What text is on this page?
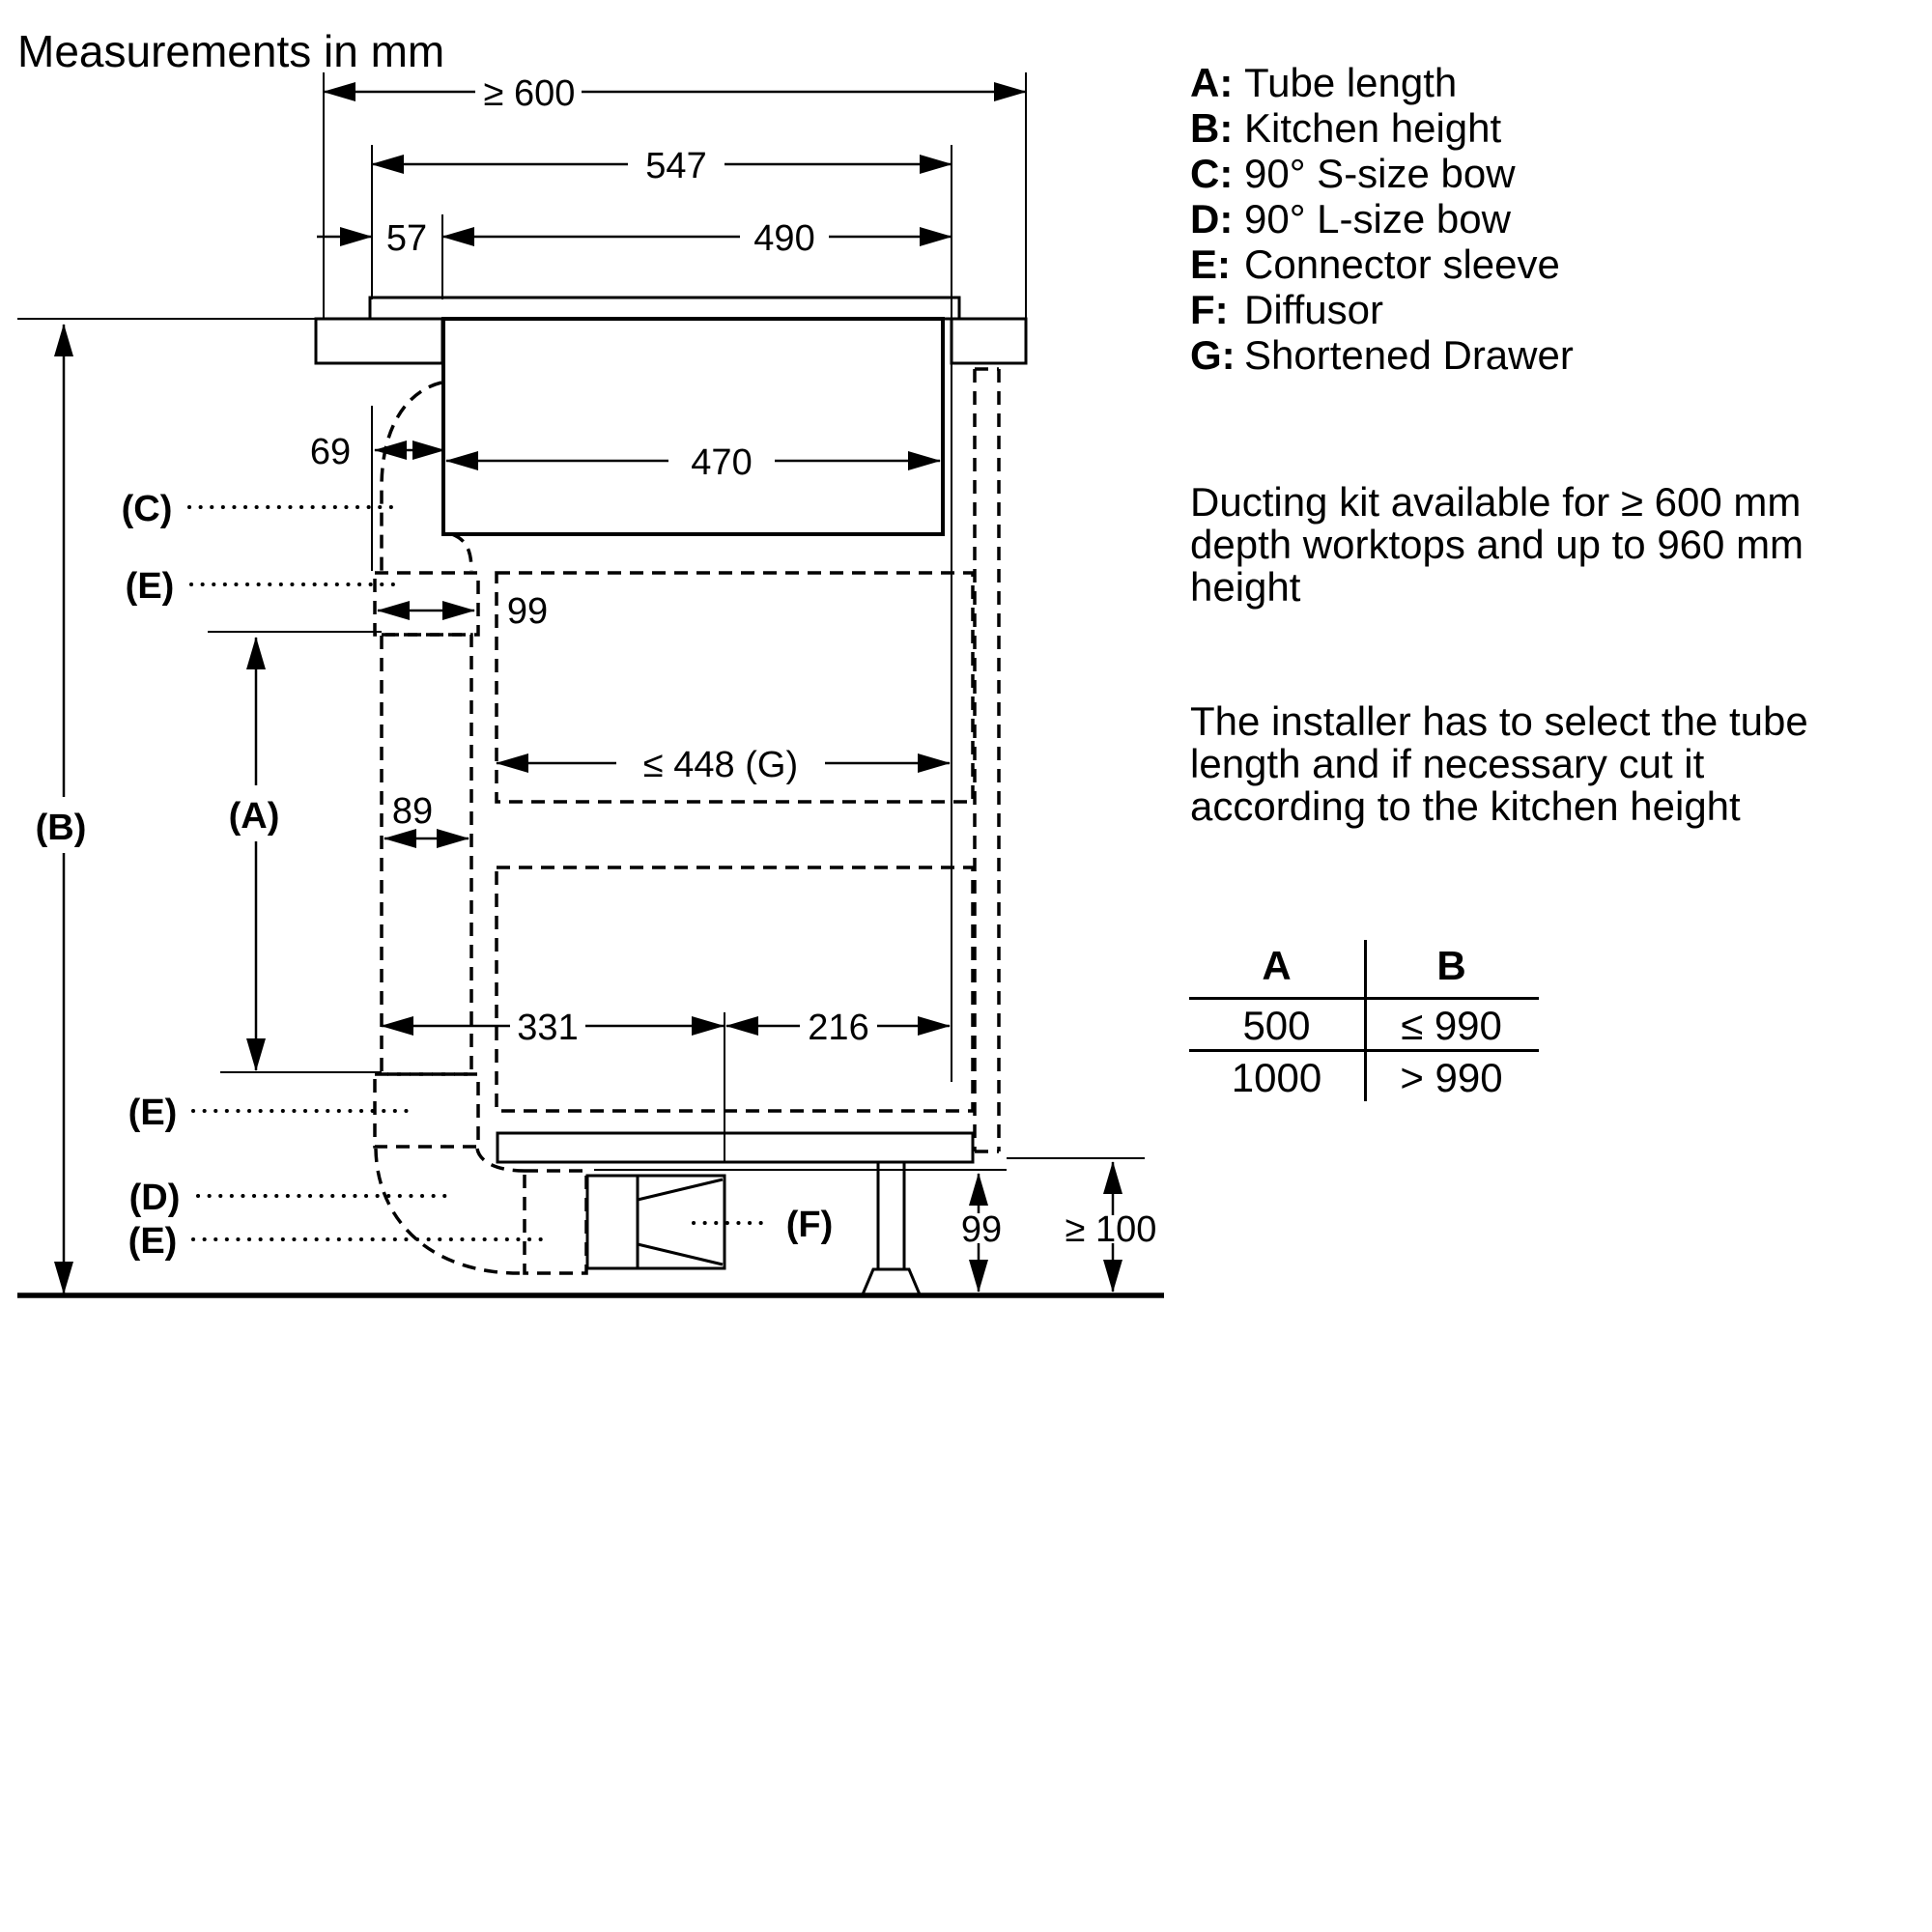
Measurements in mm
≥ 600
547
57	490
69	470
99
89
≤ 448 (G)
331	216
99 ≥ 100
(C)
(E)
(B)	(A)
(E)
(D)
(E)	(F)
A: Tube length
B: Kitchen height
C: 90° S-size bow
D: 90° L-size bow
E: Connector sleeve
F: Diffusor
G: Shortened Drawer
Ducting kit available for ≥ 600 mm
depth worktops and up to 960 mm
height
The installer has to select the tube
length and if necessary cut it
according to the kitchen height
A	B
500	≤ 990
1000	> 990
